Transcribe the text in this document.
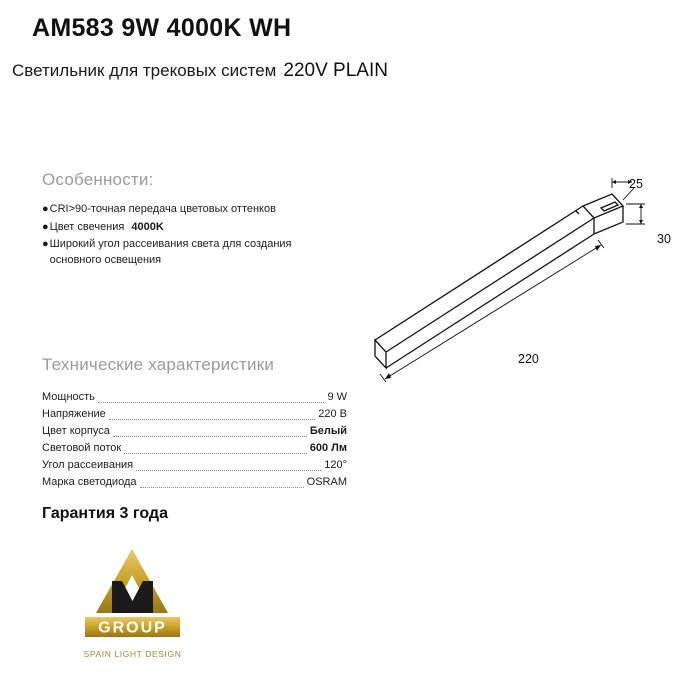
AM583 9W 4000K WH
Светильник для трековых систем 220V PLAIN
Особенности:
● CRI>90-точная передача цветовых оттенков
● Цвет свечения 4000K
● Широкий угол рассеивания света для создания основного освещения
Технические характеристики
Мощность	9 W
Напряжение	220 В
Цвет корпуса	Белый
Световой поток	600 Лм
Угол рассеивания	120°
Марка светодиода	OSRAM
Гарантия 3 года
25
30
220
GROUP
SPAIN LIGHT DESIGN
